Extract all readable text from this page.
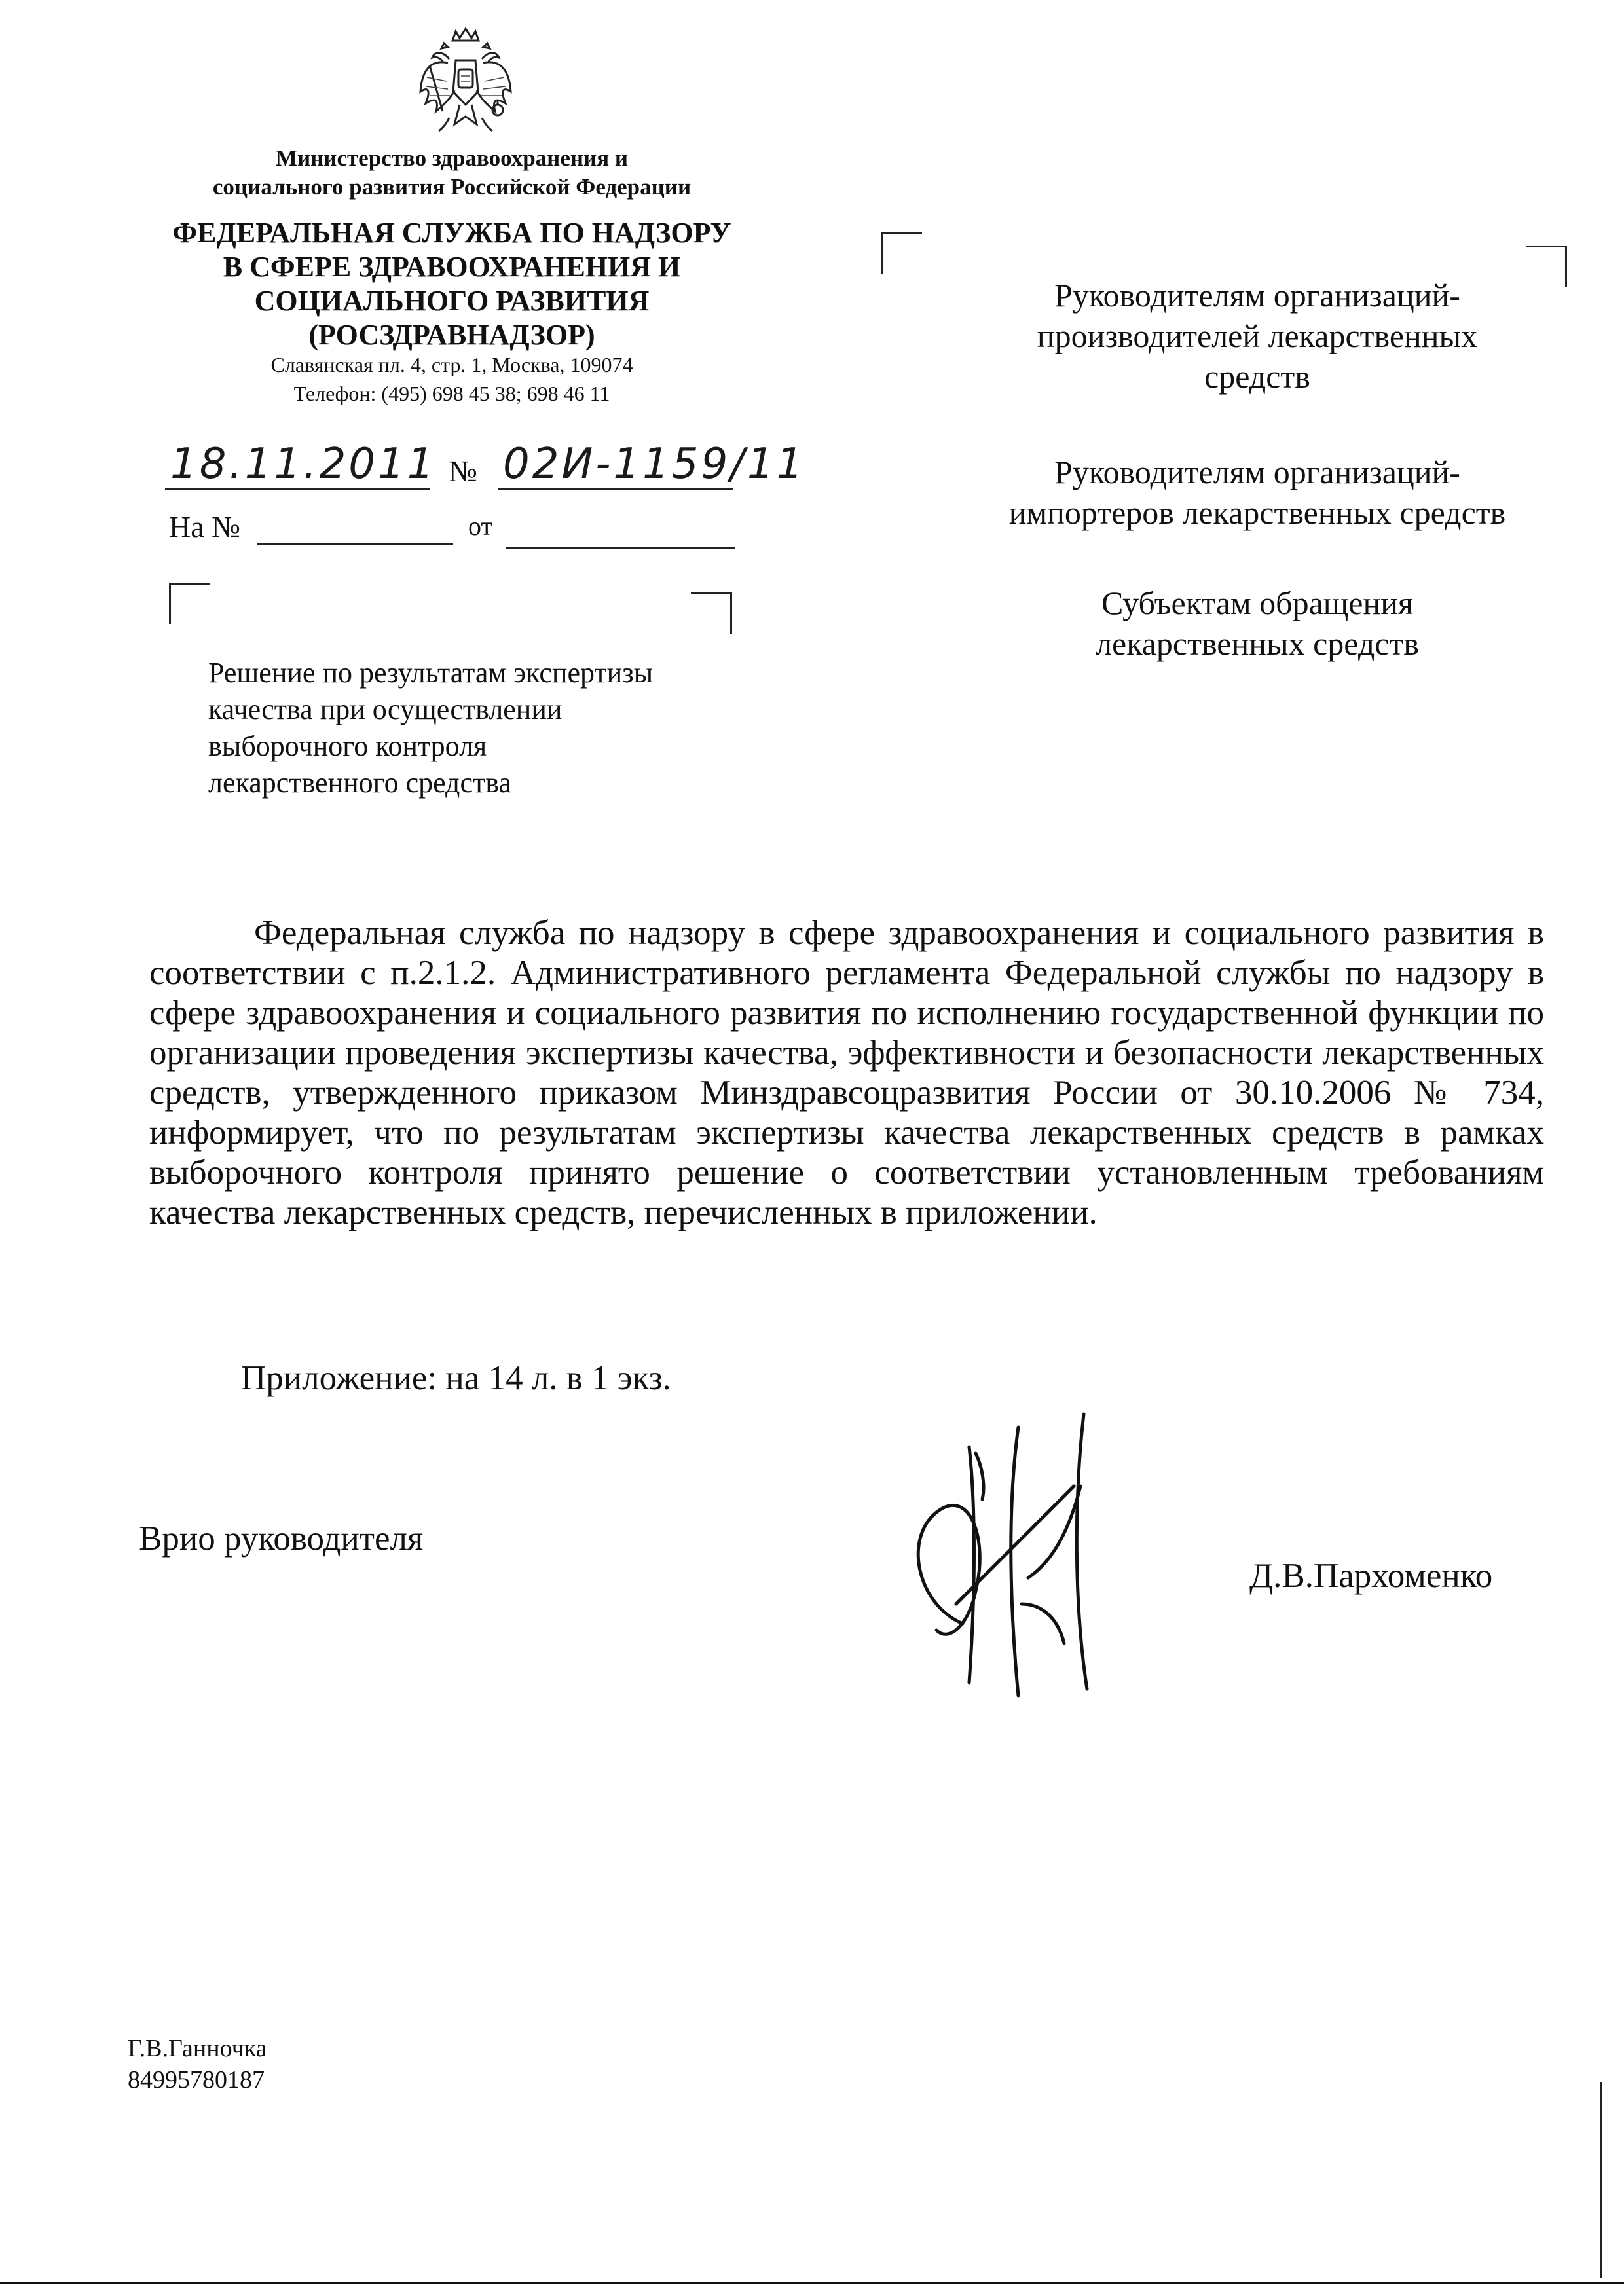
Министерство здравоохранения и
социального развития Российской Федерации
ФЕДЕРАЛЬНАЯ СЛУЖБА ПО НАДЗОРУ
В СФЕРЕ ЗДРАВООХРАНЕНИЯ И
СОЦИАЛЬНОГО РАЗВИТИЯ
(РОСЗДРАВНАДЗОР)
Славянская пл. 4, стр. 1, Москва, 109074
Телефон: (495) 698 45 38; 698 46 11
18.11.2011 № 02И-1159/11
На №	от
Решение по результатам экспертизы
качества при осуществлении
выборочного контроля
лекарственного средства
Руководителям организаций-
производителей лекарственных
средств
Руководителям организаций-
импортеров лекарственных средств
Субъектам обращения
лекарственных средств
Федеральная служба по надзору в сфере здравоохранения и социального развития в соответствии с п.2.1.2. Административного регламента Федеральной службы по надзору в сфере здравоохранения и социального развития по исполнению государственной функции по организации проведения экспертизы качества, эффективности и безопасности лекарственных средств, утвержденного приказом Минздравсоцразвития России от 30.10.2006 № 734, информирует, что по результатам экспертизы качества лекарственных средств в рамках выборочного контроля принято решение о соответствии установленным требованиям качества лекарственных средств, перечисленных в приложении.
Приложение: на 14 л. в 1 экз.
Врио руководителя
Д.В.Пархоменко
Г.В.Ганночка
84995780187
